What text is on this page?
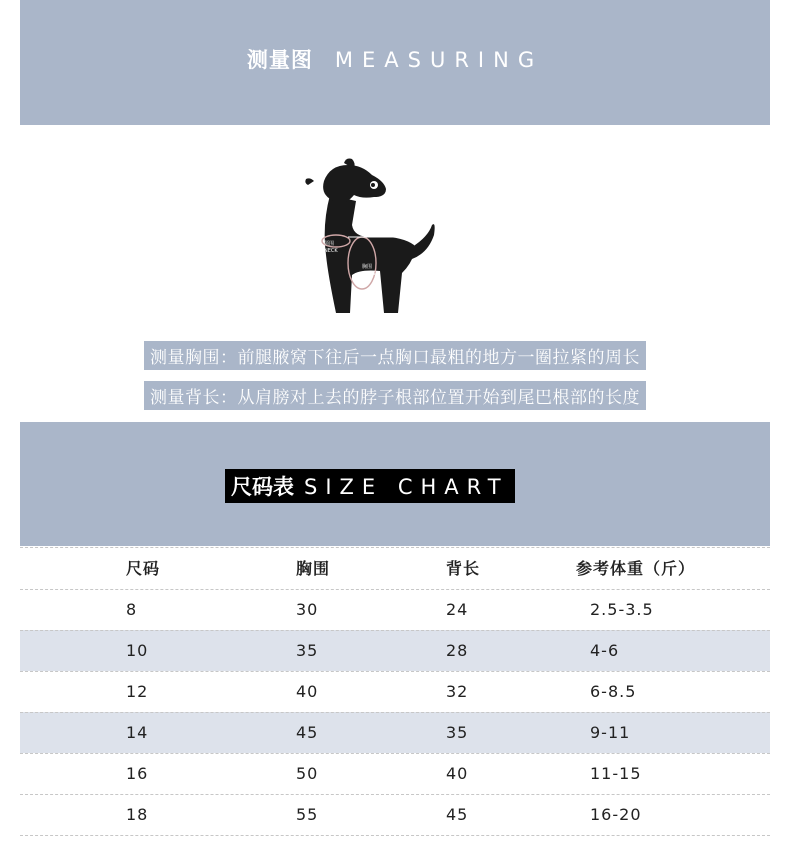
测量图 MEASURING
背长LENGTH
领围
NECK
胸围
CHEST
测量胸围：前腿腋窝下往后一点胸口最粗的地方一圈拉紧的周长
测量背长：从肩膀对上去的脖子根部位置开始到尾巴根部的长度
尺码表 SIZE CHART
尺码	胸围	背长	参考体重（斤）
8	30	24	2.5-3.5
10	35	28	4-6
12	40	32	6-8.5
14	45	35	9-11
16	50	40	11-15
18	55	45	16-20
